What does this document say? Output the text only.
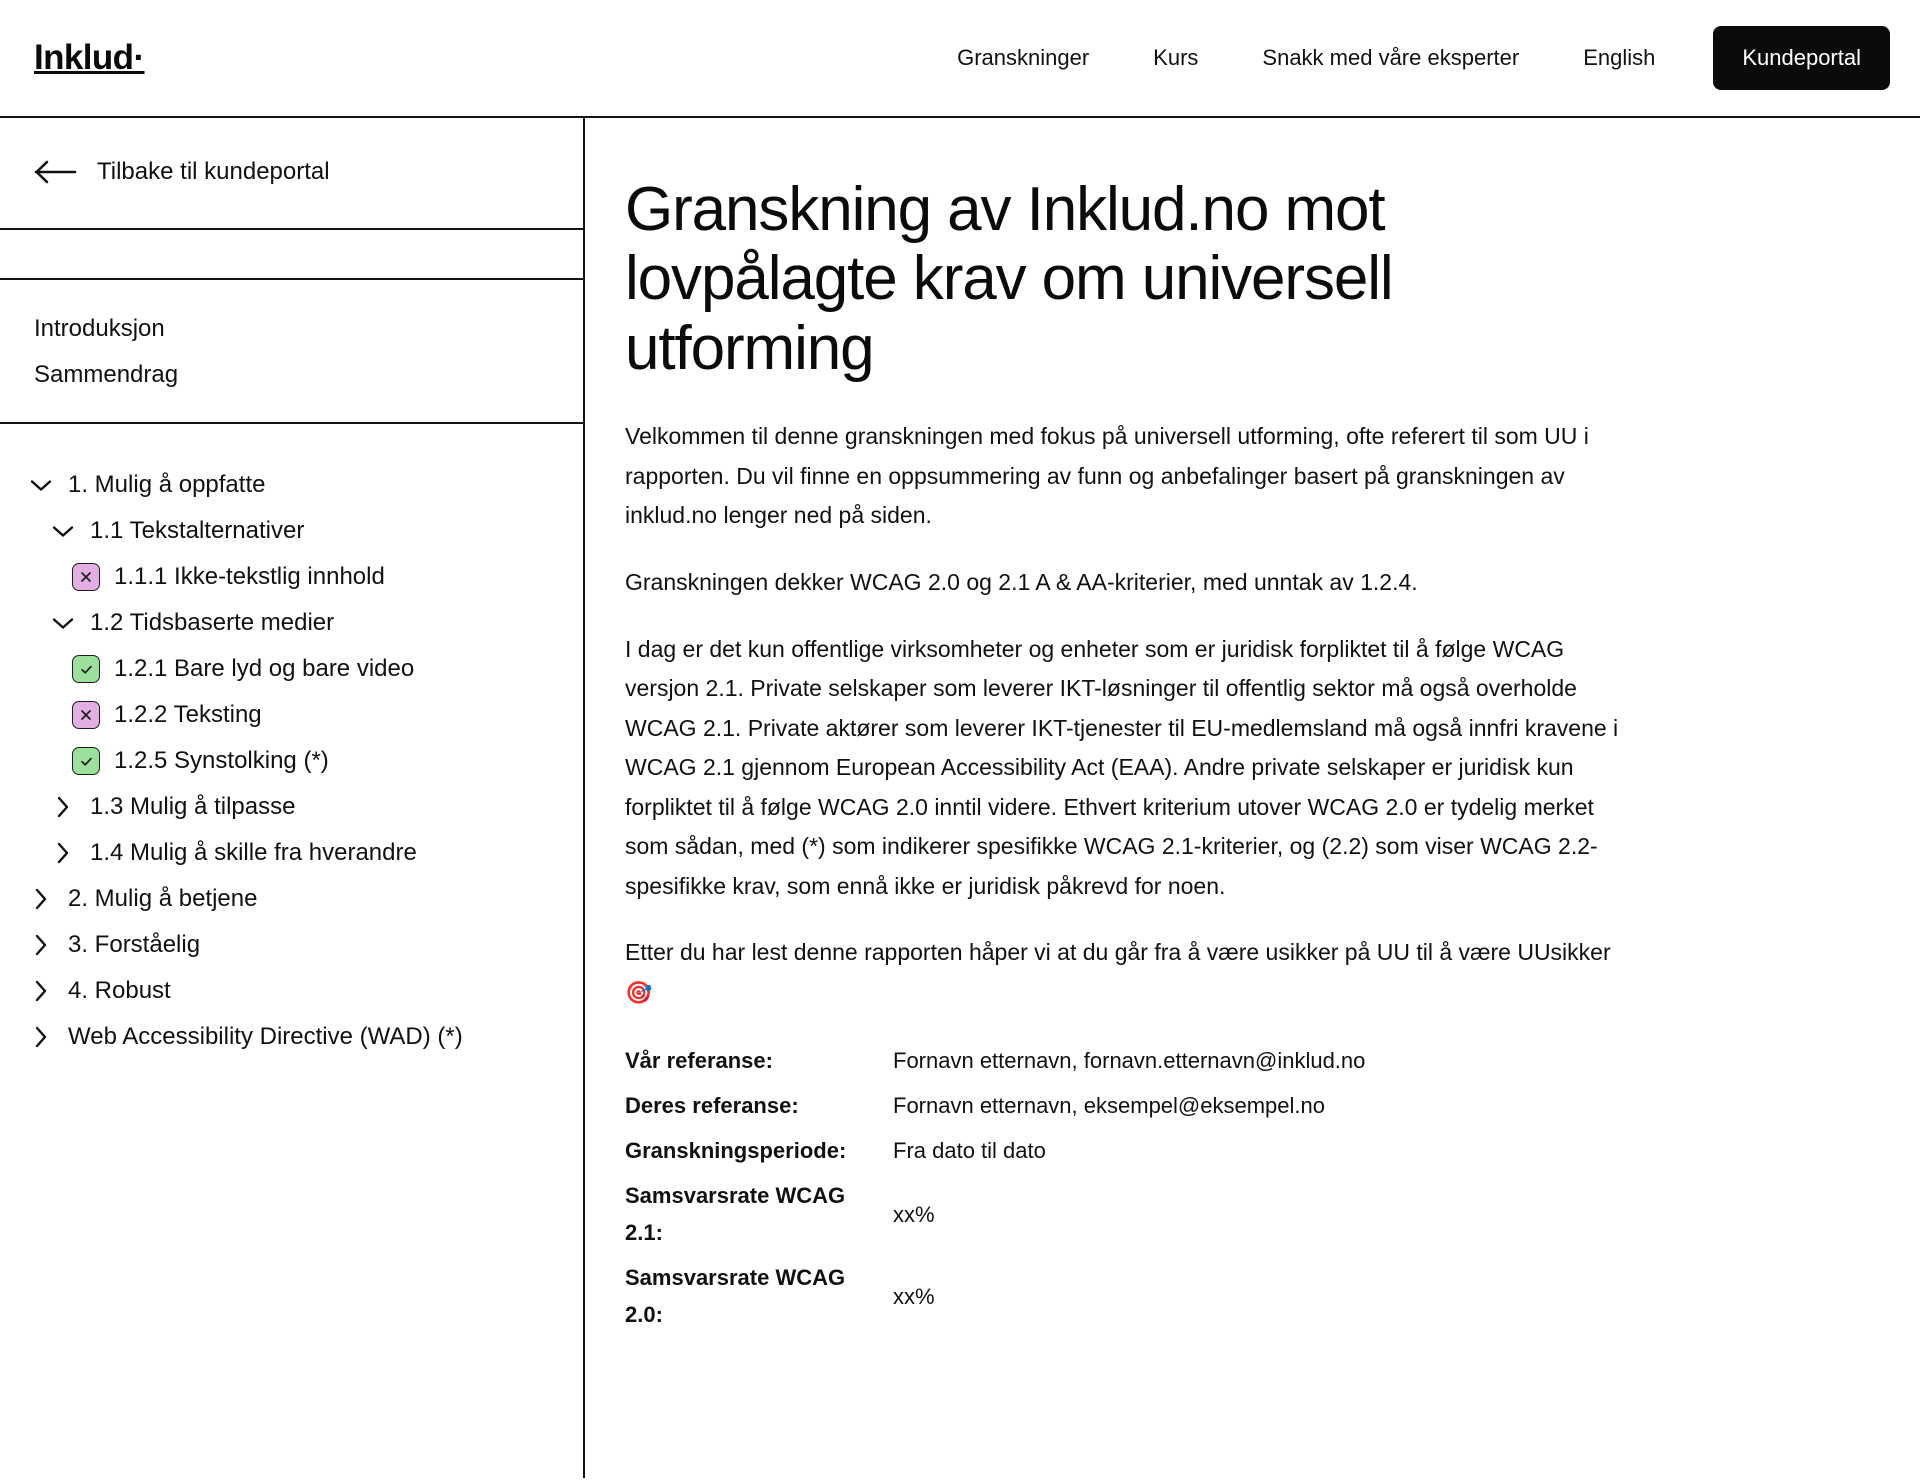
Inklud·	Granskninger	Kurs	Snakk med våre eksperter	English	Kundeportal
Tilbake til kundeportal
Introduksjon
Sammendrag
1. Mulig å oppfatte
1.1 Tekstalternativer
1.1.1 Ikke-tekstlig innhold
1.2 Tidsbaserte medier
1.2.1 Bare lyd og bare video
1.2.2 Teksting
1.2.5 Synstolking (*)
1.3 Mulig å tilpasse
1.4 Mulig å skille fra hverandre
2. Mulig å betjene
3. Forståelig
4. Robust
Web Accessibility Directive (WAD) (*)
Granskning av Inklud.no mot lovpålagte krav om universell utforming

Velkommen til denne granskningen med fokus på universell utforming, ofte referert til som UU i rapporten. Du vil finne en oppsummering av funn og anbefalinger basert på granskningen av inklud.no lenger ned på siden.

Granskningen dekker WCAG 2.0 og 2.1 A & AA-kriterier, med unntak av 1.2.4.

I dag er det kun offentlige virksomheter og enheter som er juridisk forpliktet til å følge WCAG versjon 2.1. Private selskaper som leverer IKT-løsninger til offentlig sektor må også overholde WCAG 2.1. Private aktører som leverer IKT-tjenester til EU-medlemsland må også innfri kravene i WCAG 2.1 gjennom European Accessibility Act (EAA). Andre private selskaper er juridisk kun forpliktet til å følge WCAG 2.0 inntil videre. Ethvert kriterium utover WCAG 2.0 er tydelig merket som sådan, med (*) som indikerer spesifikke WCAG 2.1-kriterier, og (2.2) som viser WCAG 2.2-spesifikke krav, som ennå ikke er juridisk påkrevd for noen.

Etter du har lest denne rapporten håper vi at du går fra å være usikker på UU til å være UUsikker 🎯

Vår referanse:	Fornavn etternavn, fornavn.etternavn@inklud.no
Deres referanse:	Fornavn etternavn, eksempel@eksempel.no
Granskningsperiode:	Fra dato til dato
Samsvarsrate WCAG 2.1:	xx%
Samsvarsrate WCAG 2.0:	xx%
